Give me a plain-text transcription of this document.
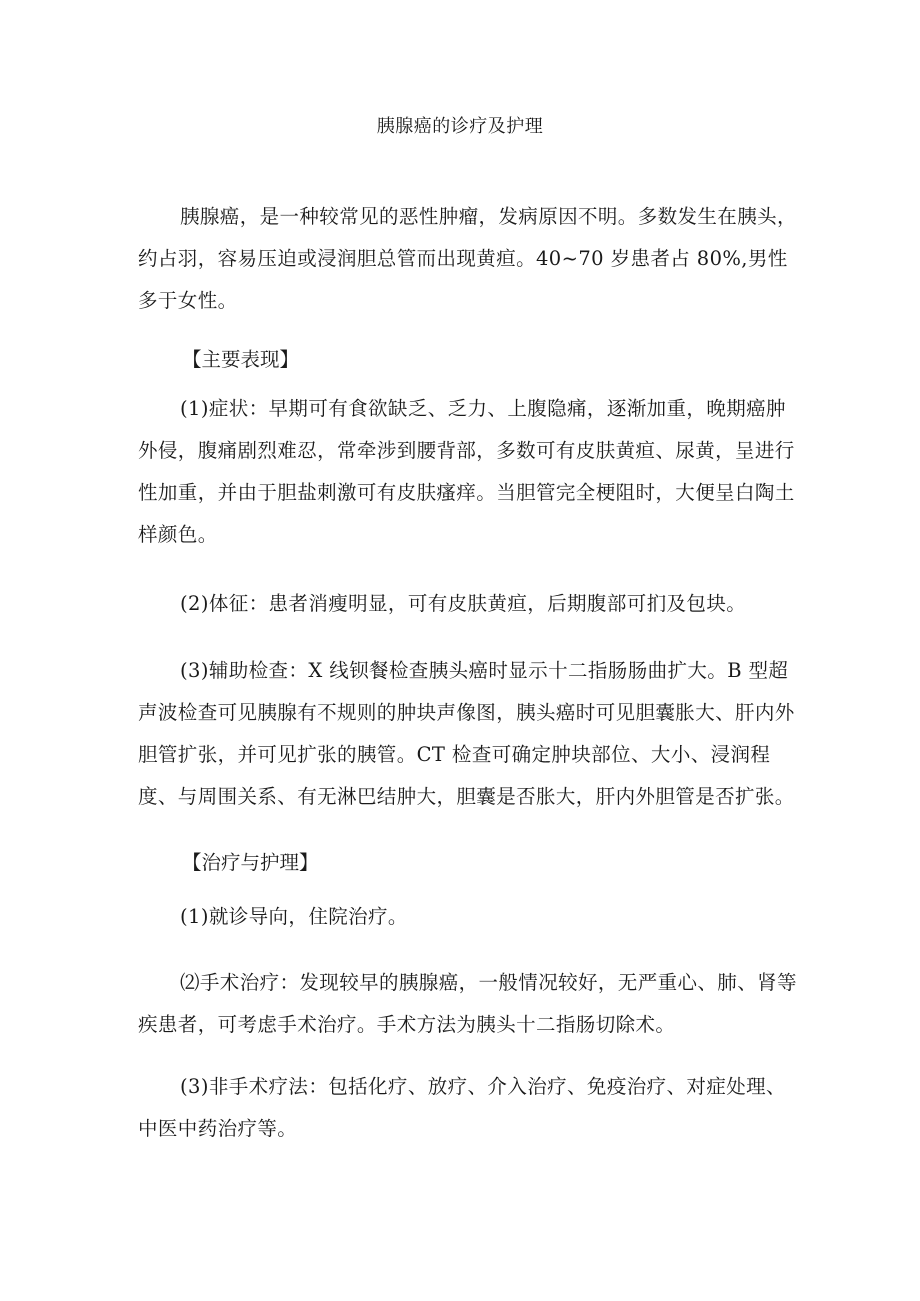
胰腺癌的诊疗及护理

胰腺癌，是一种较常见的恶性肿瘤，发病原因不明。多数发生在胰头，约占羽，容易压迫或浸润胆总管而出现黄疸。40~70 岁患者占 80%,男性多于女性。

【主要表现】

(1)症状：早期可有食欲缺乏、乏力、上腹隐痛，逐渐加重，晚期癌肿外侵，腹痛剧烈难忍，常牵涉到腰背部，多数可有皮肤黄疸、尿黄，呈进行性加重，并由于胆盐刺激可有皮肤瘙痒。当胆管完全梗阻时，大便呈白陶土样颜色。

(2)体征：患者消瘦明显，可有皮肤黄疸，后期腹部可扪及包块。

(3)辅助检查：X 线钡餐检查胰头癌时显示十二指肠肠曲扩大。B 型超声波检查可见胰腺有不规则的肿块声像图，胰头癌时可见胆囊胀大、肝内外胆管扩张，并可见扩张的胰管。CT 检查可确定肿块部位、大小、浸润程度、与周围关系、有无淋巴结肿大，胆囊是否胀大，肝内外胆管是否扩张。

【治疗与护理】

(1)就诊导向，住院治疗。

⑵手术治疗：发现较早的胰腺癌，一般情况较好，无严重心、肺、肾等疾患者，可考虑手术治疗。手术方法为胰头十二指肠切除术。

(3)非手术疗法：包括化疗、放疗、介入治疗、免疫治疗、对症处理、中医中药治疗等。
